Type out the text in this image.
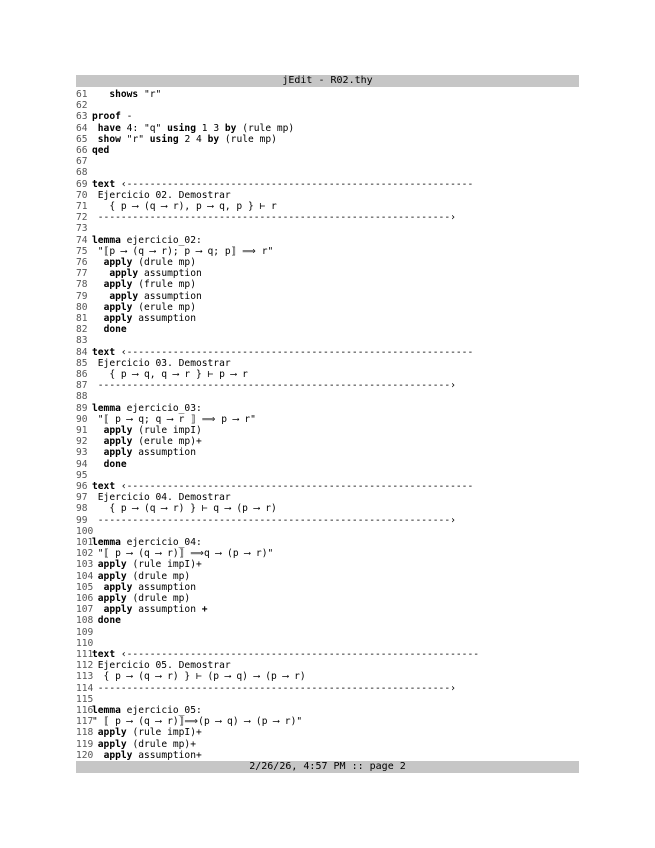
jEdit - R02.thy
61 shows "r"
62
63 proof -
64 have 4: "q" using 1 3 by (rule mp)
65 show "r" using 2 4 by (rule mp)
66 qed
67
68
69 text ‹------------------------------------------------------------
70 Ejercicio 02. Demostrar
71   { p ⟶ (q ⟶ r), p ⟶ q, p } ⊢ r
72 -------------------------------------------------------------›
73
74 lemma ejercicio_02:
75 "⟦p ⟶ (q ⟶ r); p ⟶ q; p⟧ ⟹ r"
76 apply (drule mp)
77 apply assumption
78 apply (frule mp)
79 apply assumption
80 apply (erule mp)
81 apply assumption
82 done
83
84 text ‹------------------------------------------------------------
85 Ejercicio 03. Demostrar
86   { p ⟶ q, q ⟶ r } ⊢ p ⟶ r
87 -------------------------------------------------------------›
88
89 lemma ejercicio_03:
90 "⟦ p ⟶ q; q ⟶ r ⟧ ⟹ p ⟶ r"
91 apply (rule impI)
92 apply (erule mp)+
93 apply assumption
94 done
95
96 text ‹------------------------------------------------------------
97 Ejercicio 04. Demostrar
98   { p ⟶ (q ⟶ r) } ⊢ q ⟶ (p ⟶ r)
99 -------------------------------------------------------------›
100
101lemma ejercicio_04:
102 "⟦ p ⟶ (q ⟶ r)⟧ ⟹q ⟶ (p ⟶ r)"
103 apply (rule impI)+
104 apply (drule mp)
105 apply assumption
106 apply (drule mp)
107 apply assumption +
108 done
109
110
111text ‹-------------------------------------------------------------
112 Ejercicio 05. Demostrar
113  { p ⟶ (q ⟶ r) } ⊢ (p ⟶ q) ⟶ (p ⟶ r)
114 -------------------------------------------------------------›
115
116lemma ejercicio_05:
117" ⟦ p ⟶ (q ⟶ r)⟧⟹(p ⟶ q) ⟶ (p ⟶ r)"
118 apply (rule impI)+
119 apply (drule mp)+
120 apply assumption+
2/26/26, 4:57 PM :: page 2
